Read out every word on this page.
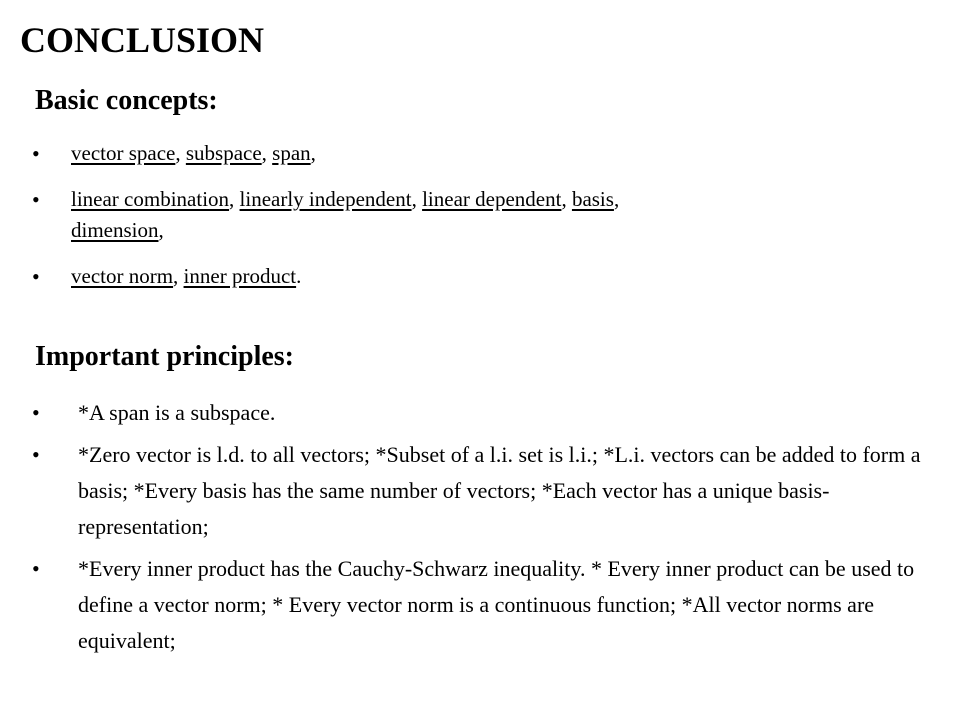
CONCLUSION
Basic concepts:
• vector space, subspace, span,
• linear combination, linearly independent, linear dependent, basis,
dimension,
• vector norm, inner product.
Important principles:
• *A span is a subspace.
• *Zero vector is l.d. to all vectors; *Subset of a l.i. set is l.i.; *L.i. vectors can be added to form a basis; *Every basis has the same number of vectors; *Each vector has a unique basis-representation;
• *Every inner product has the Cauchy-Schwarz inequality. * Every inner product can be used to define a vector norm; * Every vector norm is a continuous function; *All vector norms are equivalent;
